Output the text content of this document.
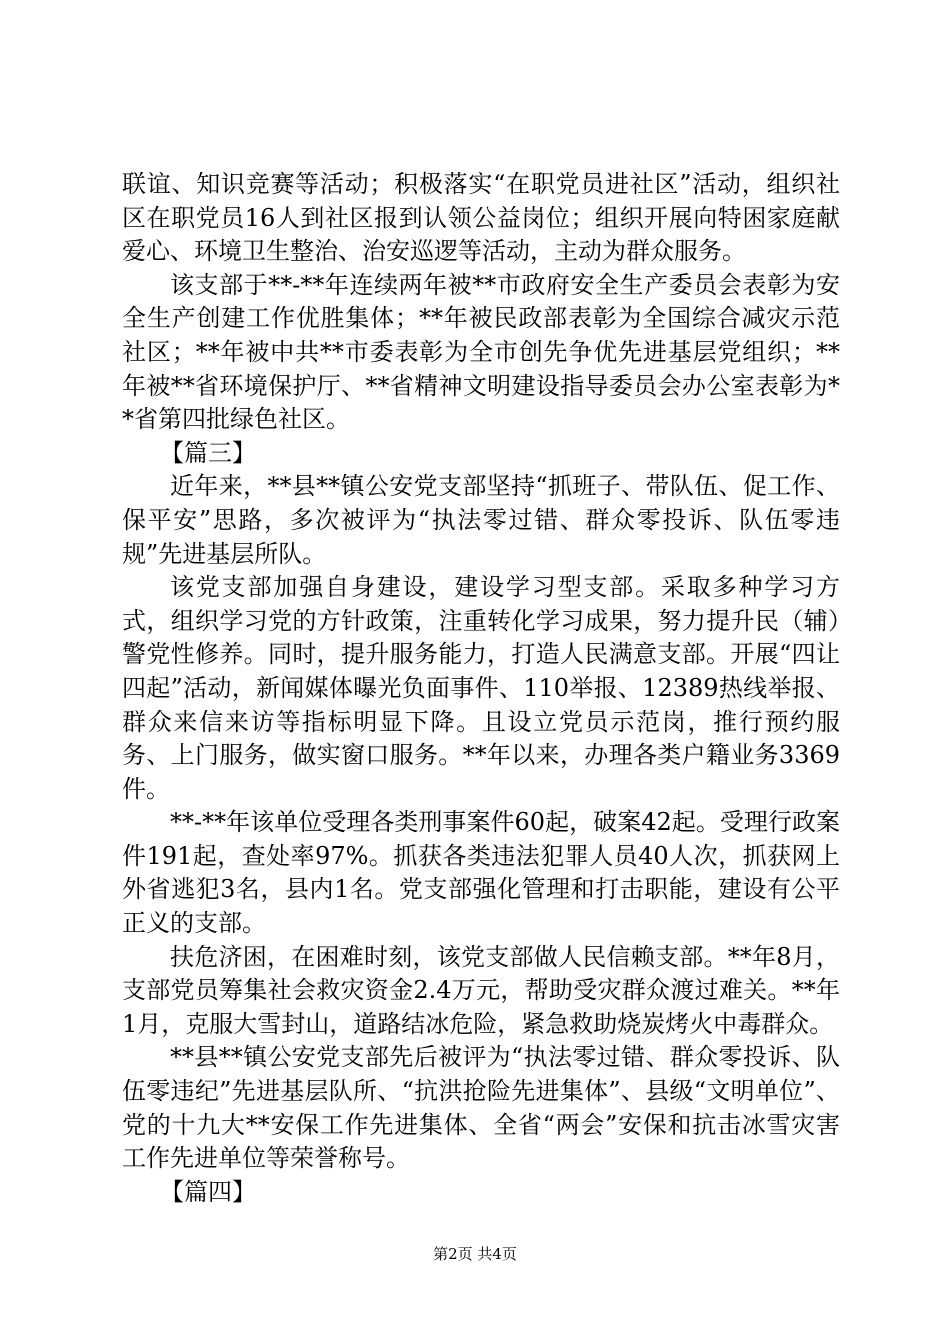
联谊、知识竞赛等活动；积极落实“在职党员进社区”活动，组织社区在职党员16人到社区报到认领公益岗位；组织开展向特困家庭献爱心、环境卫生整治、治安巡逻等活动，主动为群众服务。

该支部于**-**年连续两年被**市政府安全生产委员会表彰为安全生产创建工作优胜集体；**年被民政部表彰为全国综合减灾示范社区；**年被中共**市委表彰为全市创先争优先进基层党组织；**年被**省环境保护厅、**省精神文明建设指导委员会办公室表彰为**省第四批绿色社区。

【篇三】

近年来，**县**镇公安党支部坚持“抓班子、带队伍、促工作、保平安”思路，多次被评为“执法零过错、群众零投诉、队伍零违规”先进基层所队。

该党支部加强自身建设，建设学习型支部。采取多种学习方式，组织学习党的方针政策，注重转化学习成果，努力提升民（辅）警党性修养。同时，提升服务能力，打造人民满意支部。开展“四让四起”活动，新闻媒体曝光负面事件、110举报、12389热线举报、群众来信来访等指标明显下降。且设立党员示范岗，推行预约服务、上门服务，做实窗口服务。**年以来，办理各类户籍业务3369件。

**-**年该单位受理各类刑事案件60起，破案42起。受理行政案件191起，查处率97%。抓获各类违法犯罪人员40人次，抓获网上外省逃犯3名，县内1名。党支部强化管理和打击职能，建设有公平正义的支部。

扶危济困，在困难时刻，该党支部做人民信赖支部。**年8月，支部党员筹集社会救灾资金2.4万元，帮助受灾群众渡过难关。**年1月，克服大雪封山，道路结冰危险，紧急救助烧炭烤火中毒群众。

**县**镇公安党支部先后被评为“执法零过错、群众零投诉、队伍零违纪”先进基层队所、“抗洪抢险先进集体”、县级“文明单位”、党的十九大**安保工作先进集体、全省“两会”安保和抗击冰雪灾害工作先进单位等荣誉称号。

【篇四】

第2页 共4页
